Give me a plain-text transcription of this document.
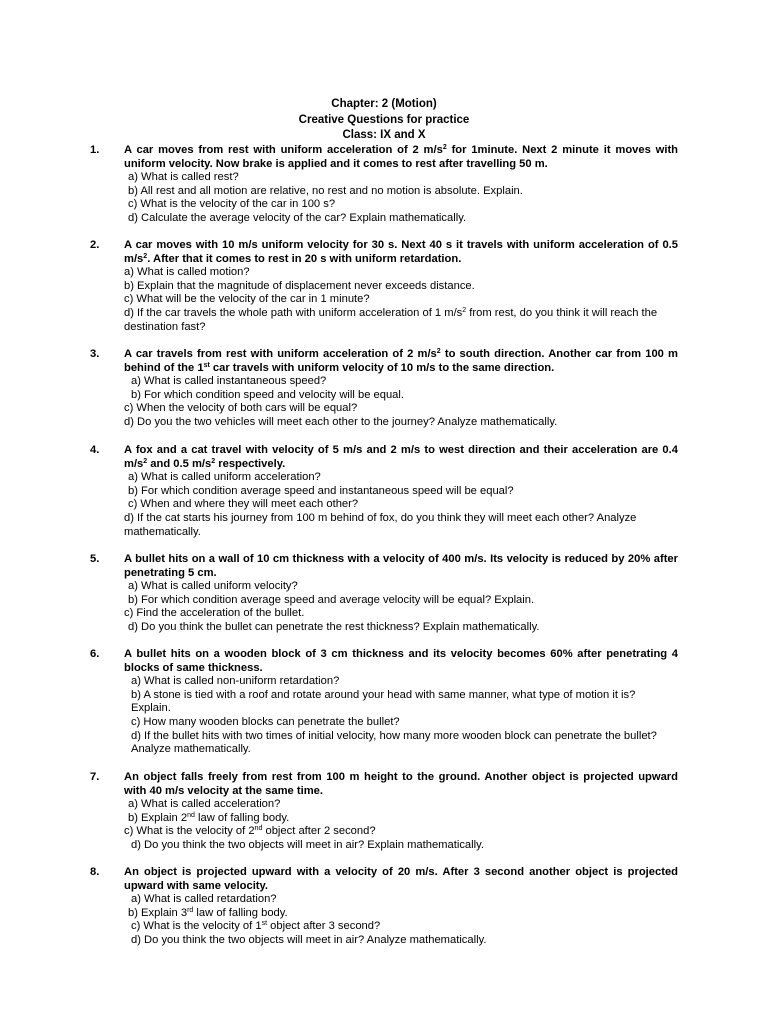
Chapter: 2 (Motion)
Creative Questions for practice
Class: IX and X
1. A car moves from rest with uniform acceleration of 2 $m/s^2$ for 1minute. Next 2 minute it moves with uniform velocity. Now brake is applied and it comes to rest after travelling 50 m.
a) What is called rest?
b) All rest and all motion are relative, no rest and no motion is absolute. Explain.
c) What is the velocity of the car in 100 s?
d) Calculate the average velocity of the car? Explain mathematically.
2. A car moves with 10 m/s uniform velocity for 30 s. Next 40 s it travels with uniform acceleration of 0.5 $m/s^2$. After that it comes to rest in 20 s with uniform retardation.
a) What is called motion?
b) Explain that the magnitude of displacement never exceeds distance.
c) What will be the velocity of the car in 1 minute?
d) If the car travels the whole path with uniform acceleration of 1 $m/s^2$ from rest, do you think it will reach the destination fast?
3. A car travels from rest with uniform acceleration of 2 $m/s^2$ to south direction. Another car from 100 m behind of the 1st car travels with uniform velocity of 10 m/s to the same direction.
a) What is called instantaneous speed?
b) For which condition speed and velocity will be equal.
c) When the velocity of both cars will be equal?
d) Do you the two vehicles will meet each other to the journey? Analyze mathematically.
4. A fox and a cat travel with velocity of 5 m/s and 2 m/s to west direction and their acceleration are 0.4 $m/s^2$ and 0.5 $m/s^2$ respectively.
a) What is called uniform acceleration?
b) For which condition average speed and instantaneous speed will be equal?
c) When and where they will meet each other?
d) If the cat starts his journey from 100 m behind of fox, do you think they will meet each other? Analyze mathematically.
5. A bullet hits on a wall of 10 cm thickness with a velocity of 400 m/s. Its velocity is reduced by 20% after penetrating 5 cm.
a) What is called uniform velocity?
b) For which condition average speed and average velocity will be equal? Explain.
c) Find the acceleration of the bullet.
d) Do you think the bullet can penetrate the rest thickness? Explain mathematically.
6. A bullet hits on a wooden block of 3 cm thickness and its velocity becomes 60% after penetrating 4 blocks of same thickness.
a) What is called non-uniform retardation?
b) A stone is tied with a roof and rotate around your head with same manner, what type of motion it is? Explain.
c) How many wooden blocks can penetrate the bullet?
d) If the bullet hits with two times of initial velocity, how many more wooden block can penetrate the bullet? Analyze mathematically.
7. An object falls freely from rest from 100 m height to the ground. Another object is projected upward with 40 m/s velocity at the same time.
a) What is called acceleration?
b) Explain 2nd law of falling body.
c) What is the velocity of 2nd object after 2 second?
d) Do you think the two objects will meet in air? Explain mathematically.
8. An object is projected upward with a velocity of 20 m/s. After 3 second another object is projected upward with same velocity.
a) What is called retardation?
b) Explain 3rd law of falling body.
c) What is the velocity of 1st object after 3 second?
d) Do you think the two objects will meet in air? Analyze mathematically.
